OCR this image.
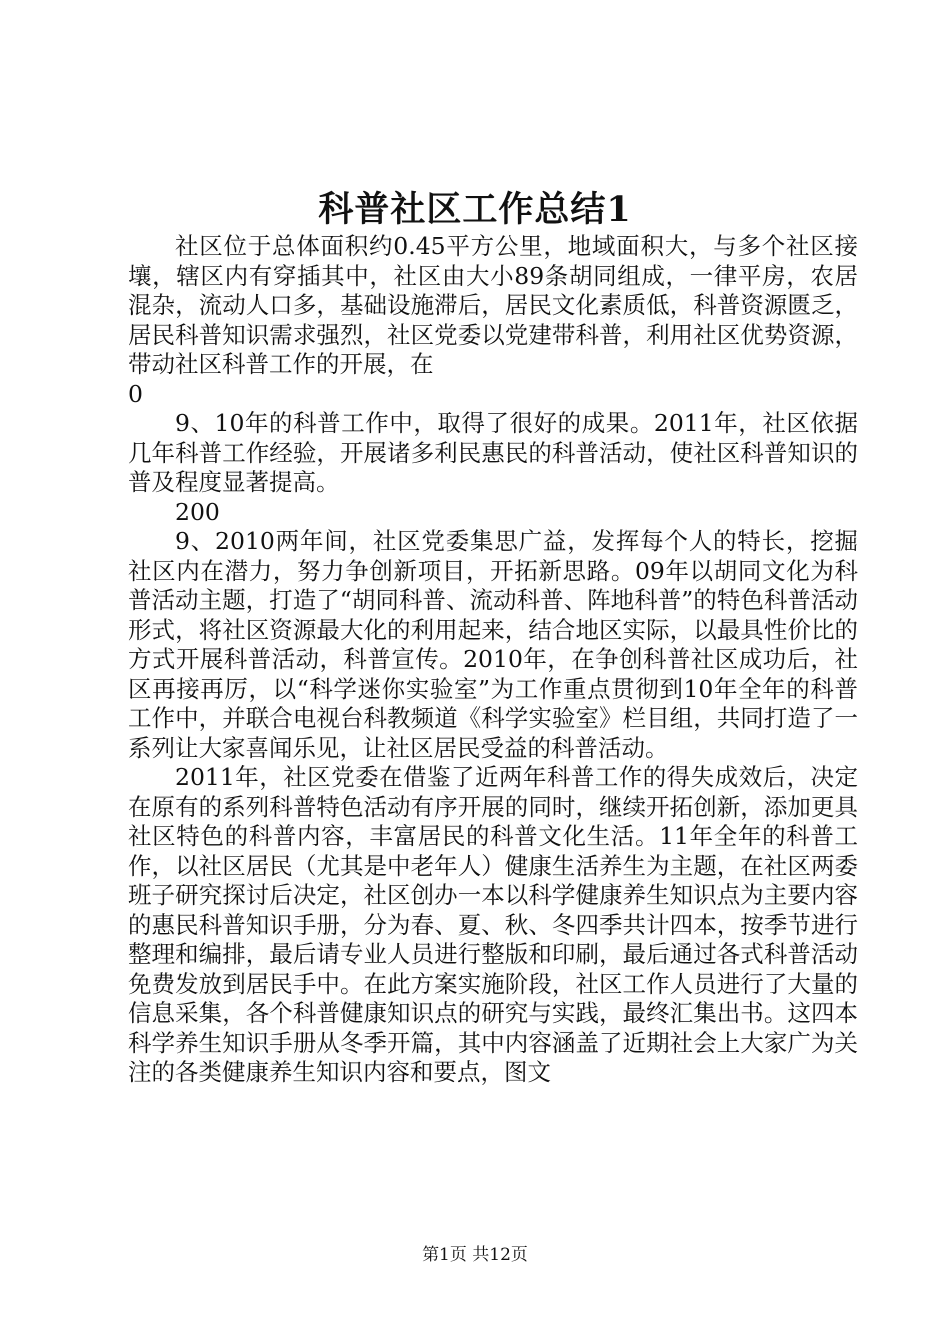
科普社区工作总结1

社区位于总体面积约0.45平方公里，地域面积大，与多个社区接壤，辖区内有穿插其中，社区由大小89条胡同组成，一律平房，农居混杂，流动人口多，基础设施滞后，居民文化素质低，科普资源匮乏，居民科普知识需求强烈，社区党委以党建带科普，利用社区优势资源，带动社区科普工作的开展，在

0

9、10年的科普工作中，取得了很好的成果。2011年，社区依据几年科普工作经验，开展诸多利民惠民的科普活动，使社区科普知识的普及程度显著提高。

200

9、2010两年间，社区党委集思广益，发挥每个人的特长，挖掘社区内在潜力，努力争创新项目，开拓新思路。09年以胡同文化为科普活动主题，打造了“胡同科普、流动科普、阵地科普”的特色科普活动形式，将社区资源最大化的利用起来，结合地区实际，以最具性价比的方式开展科普活动，科普宣传。2010年，在争创科普社区成功后，社区再接再厉，以“科学迷你实验室”为工作重点贯彻到10年全年的科普工作中，并联合电视台科教频道《科学实验室》栏目组，共同打造了一系列让大家喜闻乐见，让社区居民受益的科普活动。

2011年，社区党委在借鉴了近两年科普工作的得失成效后，决定在原有的系列科普特色活动有序开展的同时，继续开拓创新，添加更具社区特色的科普内容，丰富居民的科普文化生活。11年全年的科普工作，以社区居民（尤其是中老年人）健康生活养生为主题，在社区两委班子研究探讨后决定，社区创办一本以科学健康养生知识点为主要内容的惠民科普知识手册，分为春、夏、秋、冬四季共计四本，按季节进行整理和编排，最后请专业人员进行整版和印刷，最后通过各式科普活动免费发放到居民手中。在此方案实施阶段，社区工作人员进行了大量的信息采集，各个科普健康知识点的研究与实践，最终汇集出书。这四本科学养生知识手册从冬季开篇，其中内容涵盖了近期社会上大家广为关注的各类健康养生知识内容和要点，图文

第1页 共12页
